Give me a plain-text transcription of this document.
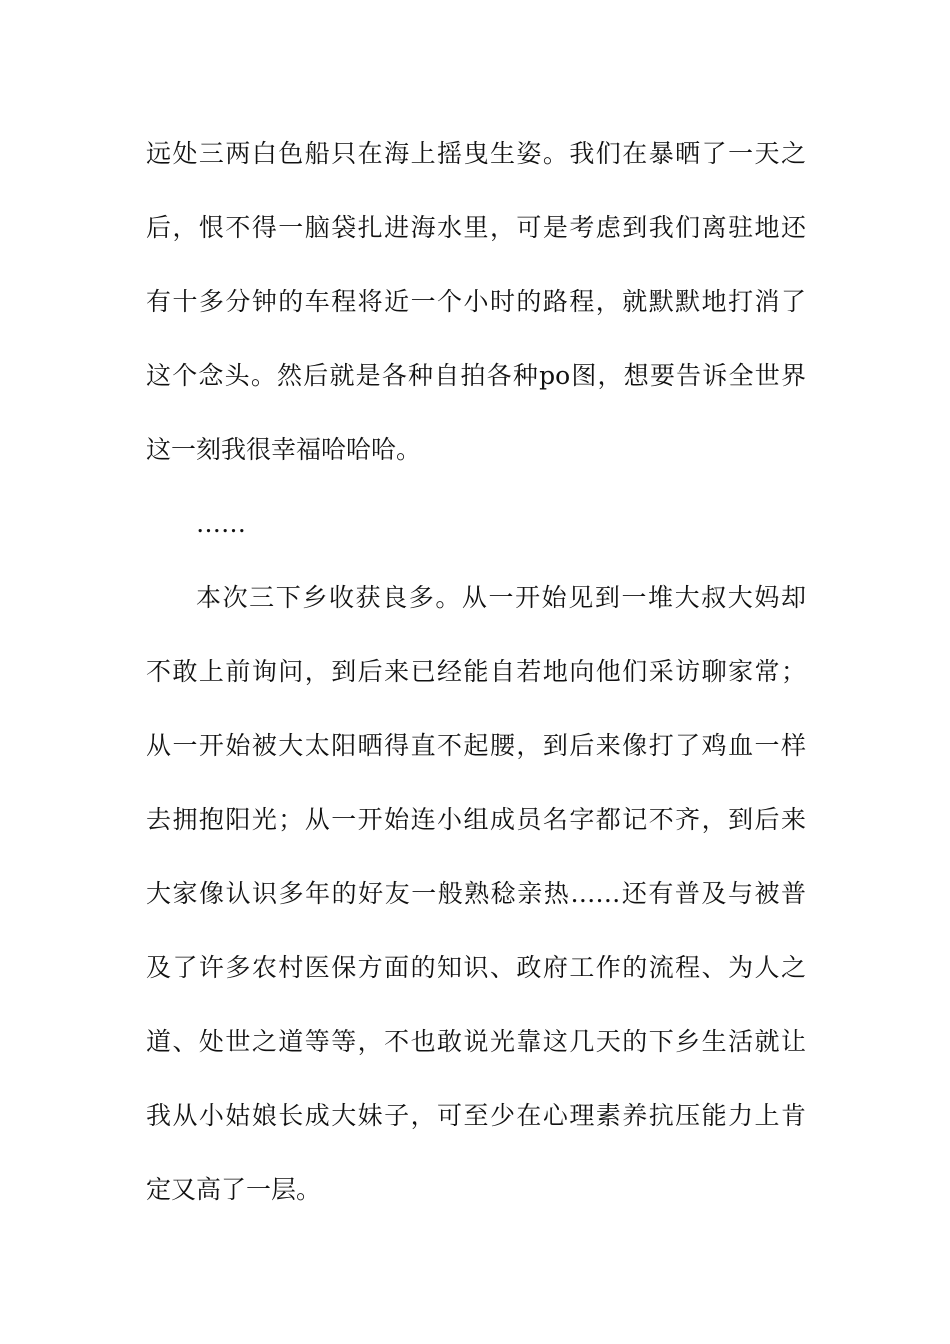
远处三两白色船只在海上摇曳生姿。我们在暴晒了一天之
后，恨不得一脑袋扎进海水里，可是考虑到我们离驻地还
有十多分钟的车程将近一个小时的路程，就默默地打消了
这个念头。然后就是各种自拍各种po图，想要告诉全世界
这一刻我很幸福哈哈哈。
……
本次三下乡收获良多。从一开始见到一堆大叔大妈却
不敢上前询问，到后来已经能自若地向他们采访聊家常；
从一开始被大太阳晒得直不起腰，到后来像打了鸡血一样
去拥抱阳光；从一开始连小组成员名字都记不齐，到后来
大家像认识多年的好友一般熟稔亲热……还有普及与被普
及了许多农村医保方面的知识、政府工作的流程、为人之
道、处世之道等等，不也敢说光靠这几天的下乡生活就让
我从小姑娘长成大妹子，可至少在心理素养抗压能力上肯
定又高了一层。
